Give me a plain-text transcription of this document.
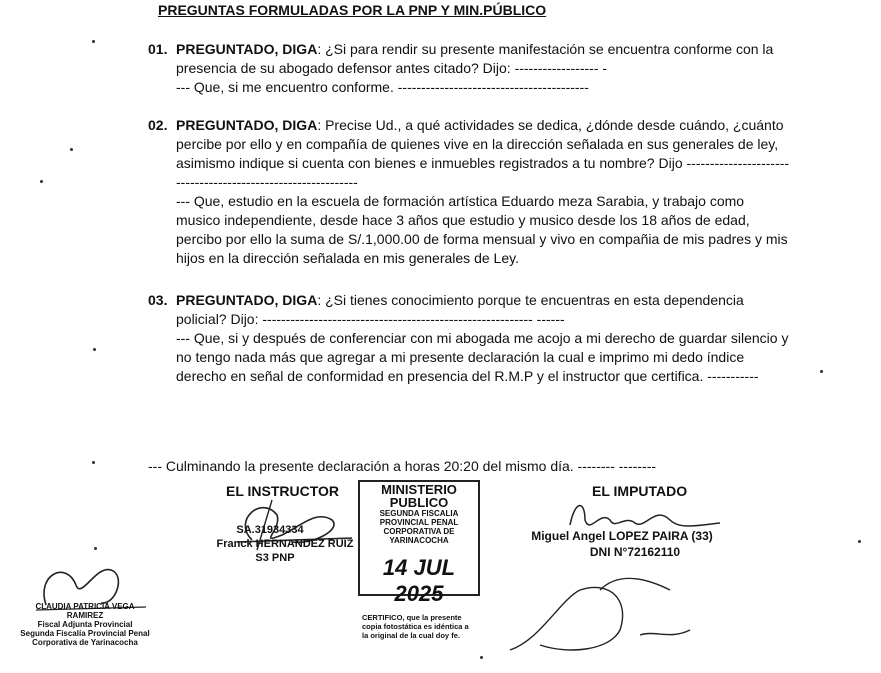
PREGUNTAS FORMULADAS POR LA PNP Y MIN.PÚBLICO
01. PREGUNTADO, DIGA: ¿Si para rendir su presente manifestación se encuentra conforme con la presencia de su abogado defensor antes citado? Dijo: ------------------ -
--- Que, si me encuentro conforme. -----------------------------------------
02. PREGUNTADO, DIGA: Precise Ud., a qué actividades se dedica, ¿dónde desde cuándo, ¿cuánto percibe por ello y en compañía de quienes vive en la dirección señalada en sus generales de ley, asimismo indique si cuenta con bienes e inmuebles registrados a tu nombre? Dijo -------------------------------------------------------------
--- Que, estudio en la escuela de formación artística Eduardo meza Sarabia, y trabajo como musico independiente, desde hace 3 años que estudio y musico desde los 18 años de edad, percibo por ello la suma de S/.1,000.00 de forma mensual y vivo en compañia de mis padres y mis hijos en la dirección señalada en mis generales de Ley.
03. PREGUNTADO, DIGA: ¿Si tienes conocimiento porque te encuentras en esta dependencia policial? Dijo: ---------------------------------------------------------- ------
--- Que, si y después de conferenciar con mi abogada me acojo a mi derecho de guardar silencio y no tengo nada más que agregar a mi presente declaración la cual e imprimo mi dedo índice derecho en señal de conformidad en presencia del R.M.P y el instructor que certifica. -----------
--- Culminando la presente declaración a horas 20:20 del mismo día. -------- --------
EL INSTRUCTOR
SA.31934334
Franck HERNANDEZ RUIZ
S3 PNP
MINISTERIO PUBLICO
SEGUNDA FISCALIA PROVINCIAL PENAL
CORPORATIVA DE YARINACOCHA
14 JUL 2025
CERTIFICO, que la presente copia fotostática es idéntica a la original de la cual doy fe.
EL IMPUTADO
Miguel Angel LOPEZ PAIRA (33)
DNI N°72162110
CLAUDIA PATRICIA VEGA RAMIREZ
Fiscal Adjunta Provincial
Segunda Fiscalía Provincial Penal
Corporativa de Yarinacocha
